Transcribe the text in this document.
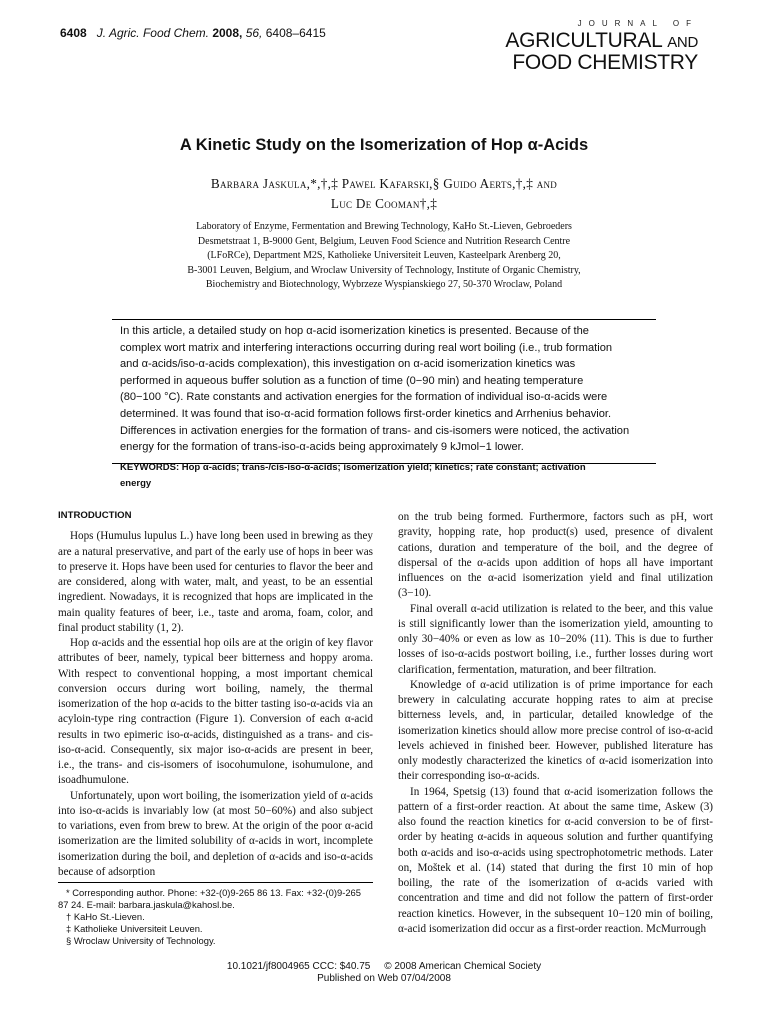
6408 J. Agric. Food Chem. 2008, 56, 6408–6415
JOURNAL OF
AGRICULTURAL AND
FOOD CHEMISTRY
A Kinetic Study on the Isomerization of Hop α-Acids
Barbara Jaskula,*,†,‡ Pawel Kafarski,§ Guido Aerts,†,‡ and
Luc De Cooman†,‡
Laboratory of Enzyme, Fermentation and Brewing Technology, KaHo St.-Lieven, Gebroeders
Desmetstraat 1, B-9000 Gent, Belgium, Leuven Food Science and Nutrition Research Centre
(LFoRCe), Department M2S, Katholieke Universiteit Leuven, Kasteelpark Arenberg 20,
B-3001 Leuven, Belgium, and Wroclaw University of Technology, Institute of Organic Chemistry,
Biochemistry and Biotechnology, Wybrzeze Wyspianskiego 27, 50-370 Wroclaw, Poland
In this article, a detailed study on hop α-acid isomerization kinetics is presented. Because of the
complex wort matrix and interfering interactions occurring during real wort boiling (i.e., trub formation
and α-acids/iso-α-acids complexation), this investigation on α-acid isomerization kinetics was
performed in aqueous buffer solution as a function of time (0−90 min) and heating temperature
(80−100 °C). Rate constants and activation energies for the formation of individual iso-α-acids were
determined. It was found that iso-α-acid formation follows first-order kinetics and Arrhenius behavior.
Differences in activation energies for the formation of trans- and cis-isomers were noticed, the activation
energy for the formation of trans-iso-α-acids being approximately 9 kJmol−1 lower.
KEYWORDS: Hop α-acids; trans-/cis-iso-α-acids; isomerization yield; kinetics; rate constant; activation
energy
INTRODUCTION

Hops (Humulus lupulus L.) have long been used in brewing as they are a natural preservative, and part of the early use of hops in beer was to preserve it. Hops have been used for centuries to flavor the beer and are considered, along with water, malt, and yeast, to be an essential ingredient. Nowadays, it is recognized that hops are implicated in the main quality features of beer, i.e., taste and aroma, foam, color, and final product stability (1, 2).

Hop α-acids and the essential hop oils are at the origin of key flavor attributes of beer, namely, typical beer bitterness and hoppy aroma. With respect to conventional hopping, a most important chemical conversion occurs during wort boiling, namely, the thermal isomerization of the hop α-acids to the bitter tasting iso-α-acids via an acyloin-type ring contraction (Figure 1). Conversion of each α-acid results in two epimeric iso-α-acids, distinguished as a trans- and cis-iso-α-acid. Consequently, six major iso-α-acids are present in beer, i.e., the trans- and cis-isomers of isocohumulone, isohumulone, and isoadhumulone.

Unfortunately, upon wort boiling, the isomerization yield of α-acids into iso-α-acids is invariably low (at most 50−60%) and also subject to variations, even from brew to brew. At the origin of the poor α-acid isomerization are the limited solubility of α-acids in wort, incomplete isomerization during the boil, and depletion of α-acids and iso-α-acids because of adsorption

on the trub being formed. Furthermore, factors such as pH, wort gravity, hopping rate, hop product(s) used, presence of divalent cations, duration and temperature of the boil, and the degree of dispersal of the α-acids upon addition of hops all have important influences on the α-acid isomerization yield and final utilization (3−10).

Final overall α-acid utilization is related to the beer, and this value is still significantly lower than the isomerization yield, amounting to only 30−40% or even as low as 10−20% (11). This is due to further losses of iso-α-acids postwort boiling, i.e., further losses during wort clarification, fermentation, maturation, and beer filtration.

Knowledge of α-acid utilization is of prime importance for each brewery in calculating accurate hopping rates to aim at precise bitterness levels, and, in particular, detailed knowledge of the isomerization kinetics should allow more precise control of iso-α-acid levels achieved in finished beer. However, published literature has only modestly characterized the kinetics of α-acid isomerization into their corresponding iso-α-acids.

In 1964, Spetsig (13) found that α-acid isomerization follows the pattern of a first-order reaction. At about the same time, Askew (3) also found the reaction kinetics for α-acid conversion to be of first-order by heating α-acids in aqueous solution and further quantifying both α-acids and iso-α-acids using spectrophotometric methods. Later on, Moštek et al. (14) stated that during the first 10 min of hop boiling, the rate of the isomerization of α-acids varied with concentration and time and did not follow the pattern of first-order reaction kinetics. However, in the subsequent 10−120 min of boiling, α-acid isomerization did occur as a first-order reaction. McMurrough

* Corresponding author. Phone: +32-(0)9-265 86 13. Fax: +32-(0)9-265 87 24. E-mail: barbara.jaskula@kahosl.be.
† KaHo St.-Lieven.
‡ Katholieke Universiteit Leuven.
§ Wroclaw University of Technology.
10.1021/jf8004965 CCC: $40.75     © 2008 American Chemical Society
Published on Web 07/04/2008
